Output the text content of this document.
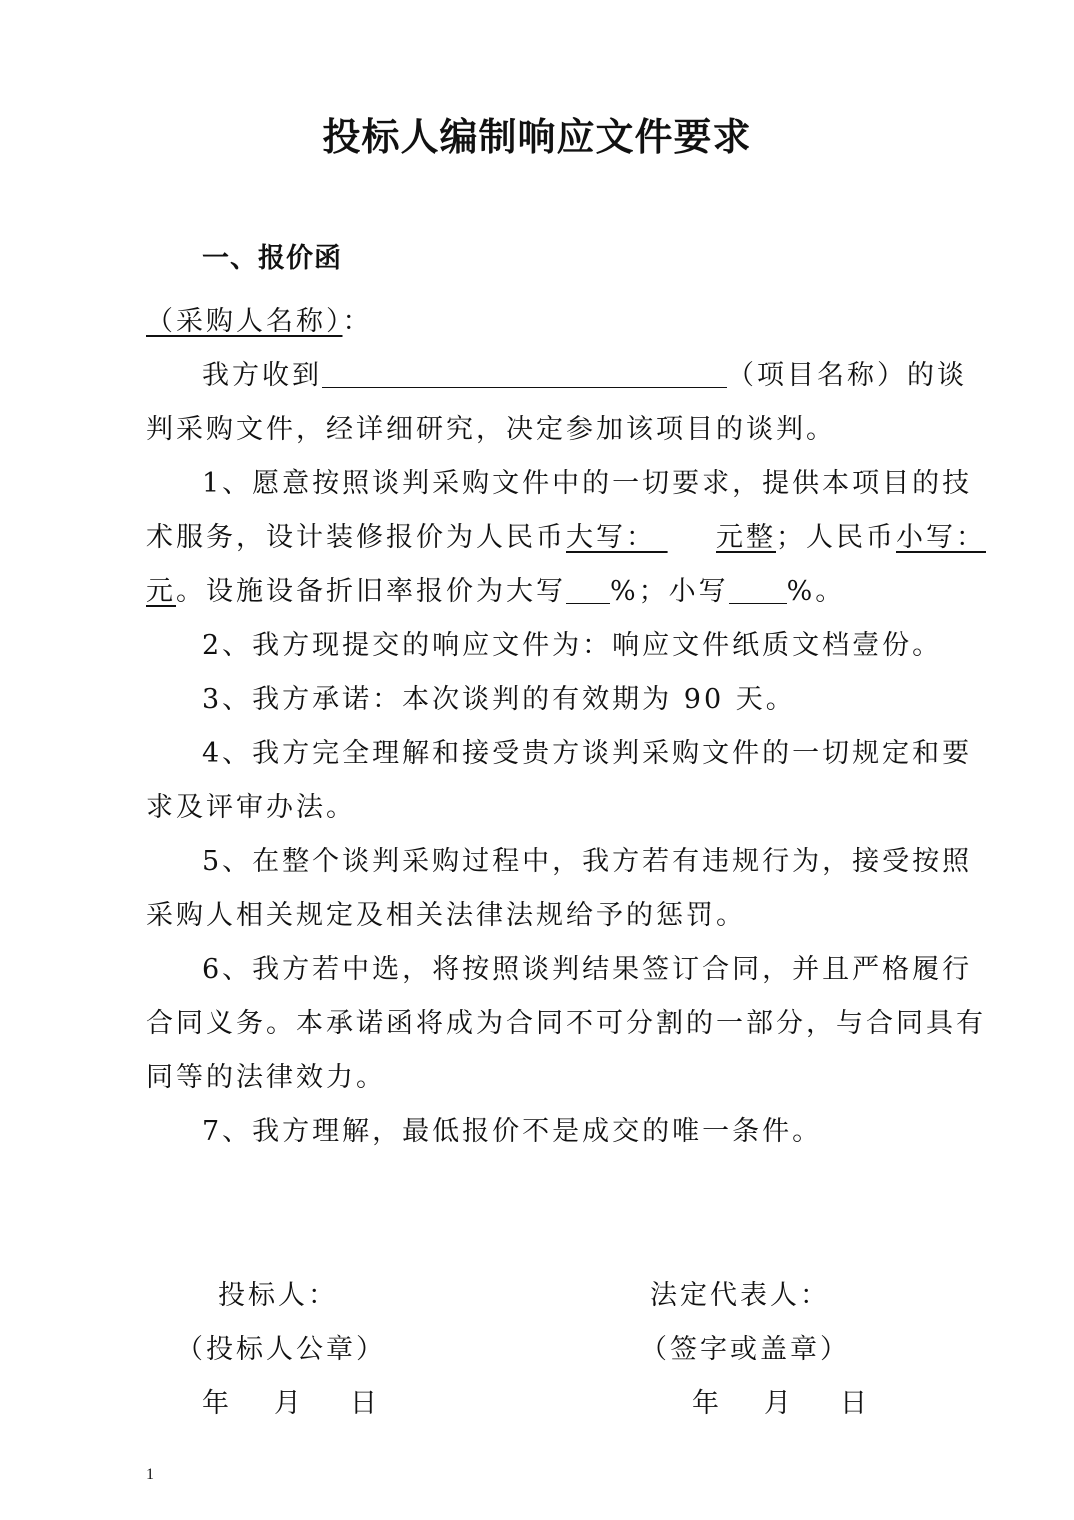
投标人编制响应文件要求
一、报价函
（采购人名称）：
我方收到	（项目名称）的谈
判采购文件，经详细研究，决定参加该项目的谈判。
1、愿意按照谈判采购文件中的一切要求，提供本项目的技
术服务，设计装修报价为人民币大写： 元整；人民币小写：
元。设施设备折旧率报价为大写 %；小写 %。
2、我方现提交的响应文件为：响应文件纸质文档壹份。
3、我方承诺：本次谈判的有效期为 90 天。
4、我方完全理解和接受贵方谈判采购文件的一切规定和要
求及评审办法。
5、在整个谈判采购过程中，我方若有违规行为，接受按照
采购人相关规定及相关法律法规给予的惩罚。
6、我方若中选，将按照谈判结果签订合同，并且严格履行
合同义务。本承诺函将成为合同不可分割的一部分，与合同具有
同等的法律效力。
7、我方理解，最低报价不是成交的唯一条件。
投标人：	法定代表人：
（投标人公章）	（签字或盖章）
年 月 日	年 月 日
1
